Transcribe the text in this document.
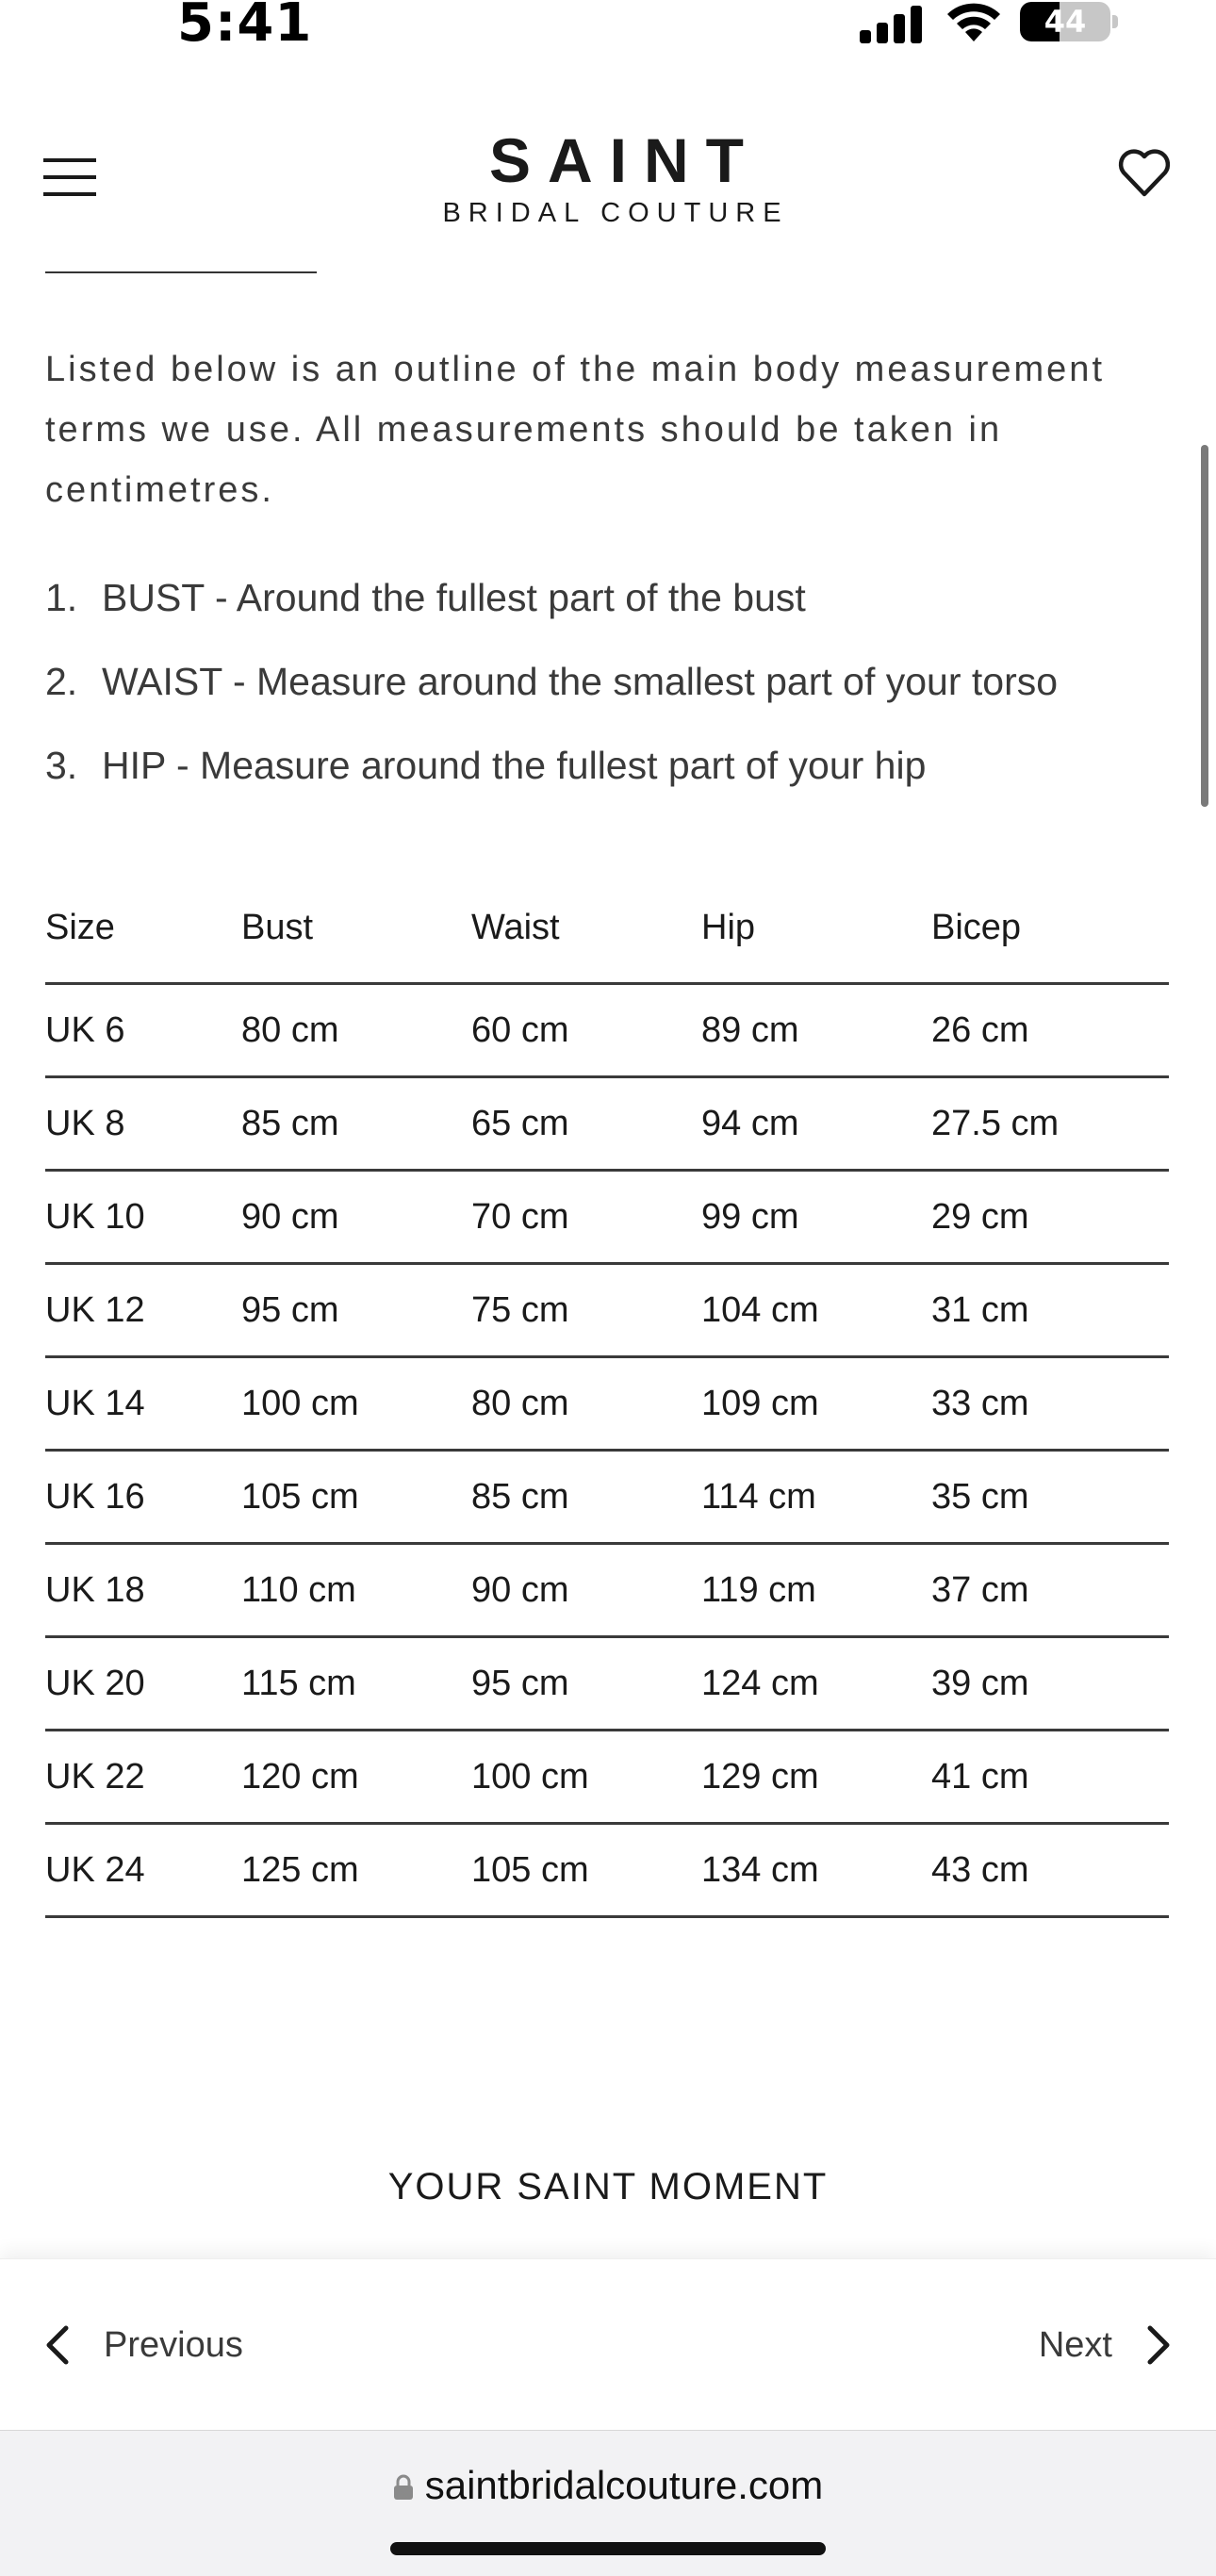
5:41	44
SAINT
BRIDAL COUTURE
Listed below is an outline of the main body measurement terms we use. All measurements should be taken in centimetres.
1. BUST - Around the fullest part of the bust
2. WAIST - Measure around the smallest part of your torso
3. HIP - Measure around the fullest part of your hip
Size	Bust	Waist	Hip	Bicep
UK 6	80 cm	60 cm	89 cm	26 cm
UK 8	85 cm	65 cm	94 cm	27.5 cm
UK 10	90 cm	70 cm	99 cm	29 cm
UK 12	95 cm	75 cm	104 cm	31 cm
UK 14	100 cm	80 cm	109 cm	33 cm
UK 16	105 cm	85 cm	114 cm	35 cm
UK 18	110 cm	90 cm	119 cm	37 cm
UK 20	115 cm	95 cm	124 cm	39 cm
UK 22	120 cm	100 cm	129 cm	41 cm
UK 24	125 cm	105 cm	134 cm	43 cm
YOUR SAINT MOMENT
Previous	Next
saintbridalcouture.com
